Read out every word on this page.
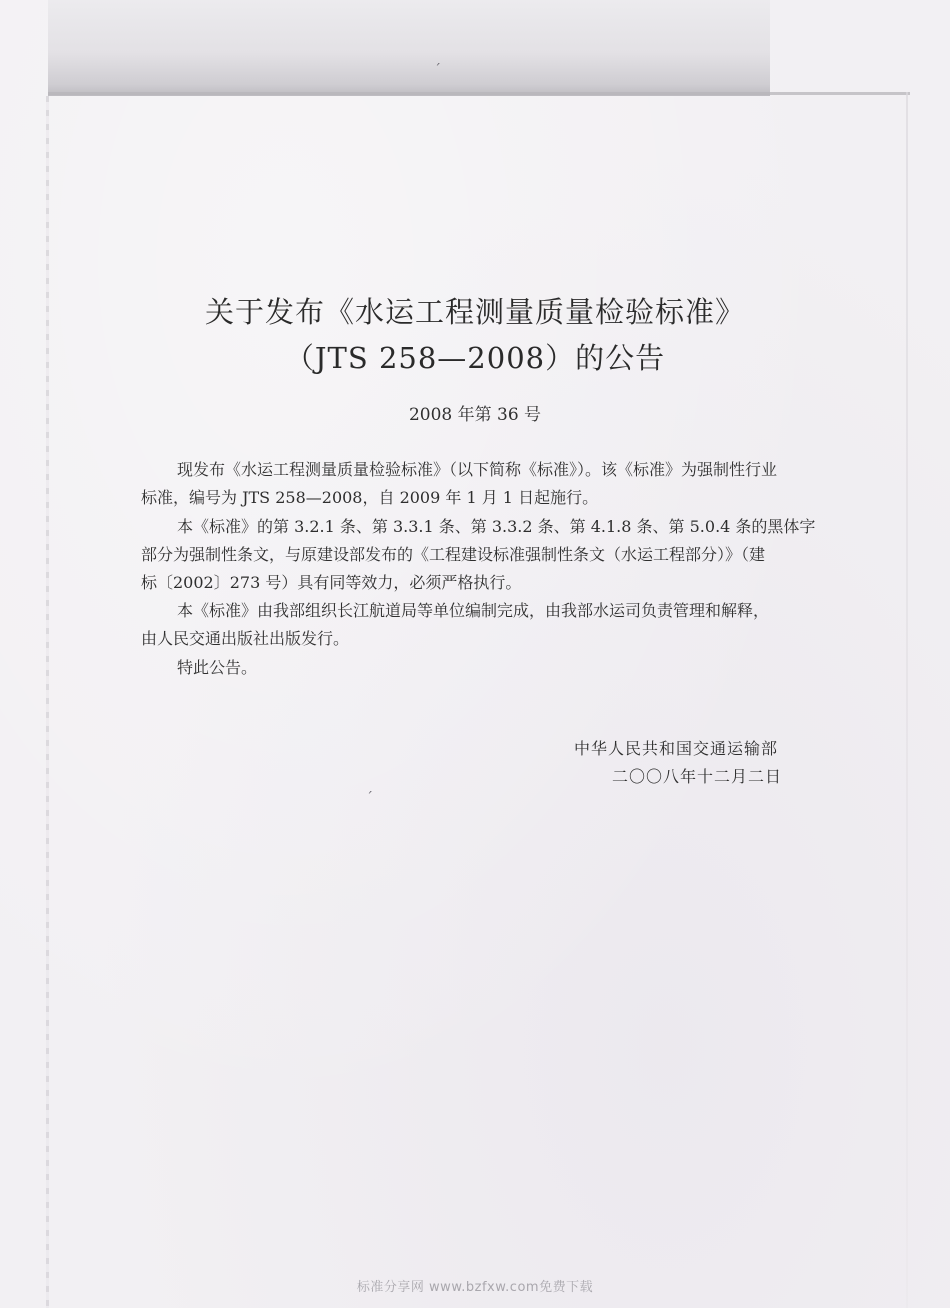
ˊ
ˊ
关于发布《水运工程测量质量检验标准》
（JTS 258—2008）的公告
2008 年第 36 号
现发布《水运工程测量质量检验标准》（以下简称《标准》）。该《标准》为强制性行业
标准，编号为 JTS 258—2008，自 2009 年 1 月 1 日起施行。
本《标准》的第 3.2.1 条、第 3.3.1 条、第 3.3.2 条、第 4.1.8 条、第 5.0.4 条的黑体字
部分为强制性条文，与原建设部发布的《工程建设标准强制性条文（水运工程部分）》（建
标〔2002〕273 号）具有同等效力，必须严格执行。
本《标准》由我部组织长江航道局等单位编制完成，由我部水运司负责管理和解释，
由人民交通出版社出版发行。
特此公告。
中华人民共和国交通运输部
二〇〇八年十二月二日
标准分享网 www.bzfxw.com免费下载
